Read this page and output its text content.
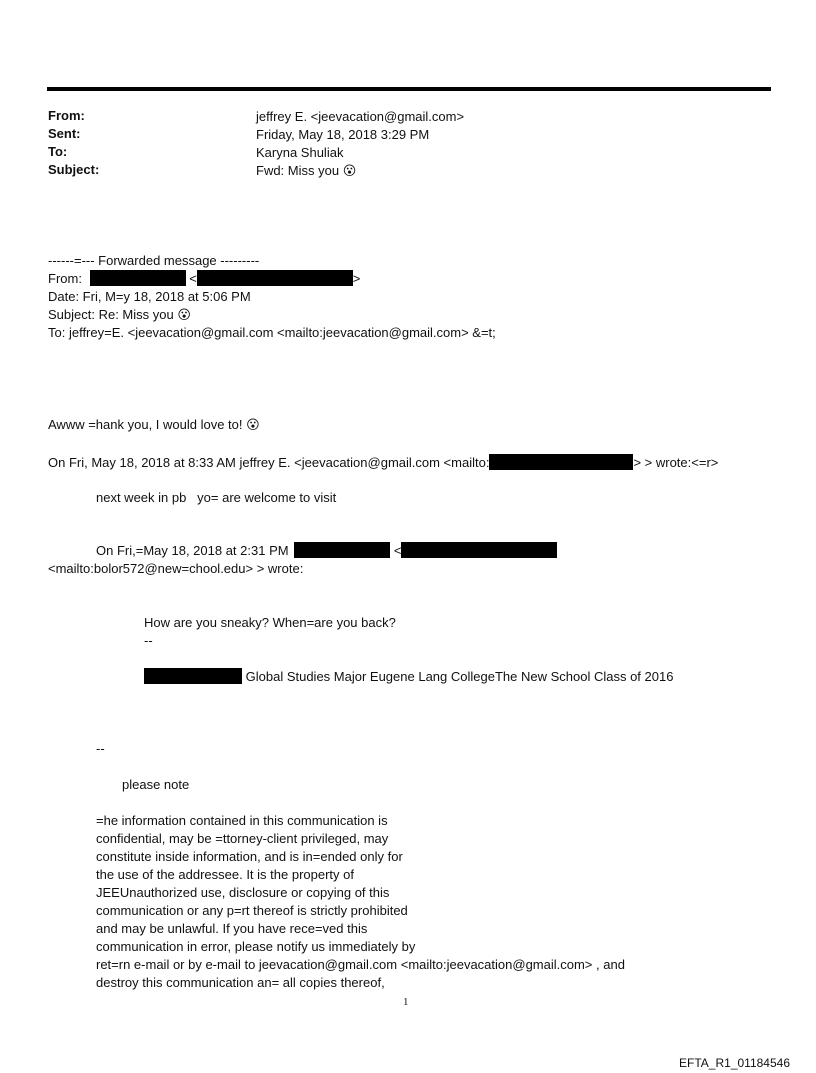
From:	jeffrey E. <jeevacation@gmail.com>
Sent:	Friday, May 18, 2018 3:29 PM
To:	Karyna Shuliak
Subject:	Fwd: Miss you 😮
------=--- Forwarded message ---------
From:	<	>
Date: Fri, M=y 18, 2018 at 5:06 PM
Subject: Re: Miss you 😮
To: jeffrey=E. <jeevacation@gmail.com <mailto:jeevacation@gmail.com> &=t;
Awww =hank you, I would love to! 😮
On Fri, May 18, 2018 at 8:33 AM jeffrey E. <jeevacation@gmail.com <mailto:	> > wrote:<=r>
next week in pb   yo= are welcome to visit
On Fri,=May 18, 2018 at 2:31 PM	<
<mailto:bolor572@new=chool.edu> > wrote:
How are you sneaky? When=are you back?
--
Global Studies Major Eugene Lang CollegeThe New School Class of 2016
--
please note
=he information contained in this communication is
confidential, may be =ttorney-client privileged, may
constitute inside information, and is in=ended only for
the use of the addressee. It is the property of
JEEUnauthorized use, disclosure or copying of this
communication or any p=rt thereof is strictly prohibited
and may be unlawful. If you have rece=ved this
communication in error, please notify us immediately by
ret=rn e-mail or by e-mail to jeevacation@gmail.com <mailto:jeevacation@gmail.com> , and
destroy this communication an= all copies thereof,
1
EFTA_R1_01184546
